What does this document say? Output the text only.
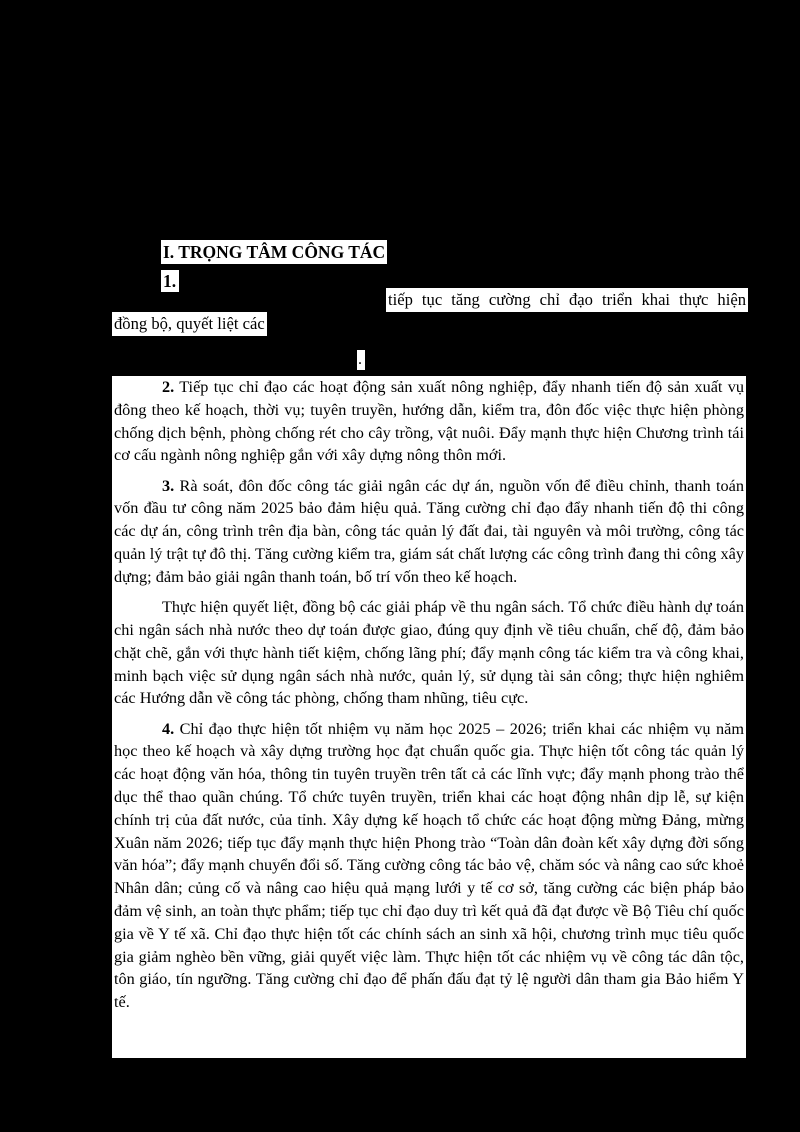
I. TRỌNG TÂM CÔNG TÁC
1.
tiếp tục tăng cường chỉ đạo triển khai thực hiện
đồng bộ, quyết liệt các
.

2. Tiếp tục chỉ đạo các hoạt động sản xuất nông nghiệp, đẩy nhanh tiến độ sản xuất vụ đông theo kế hoạch, thời vụ; tuyên truyền, hướng dẫn, kiểm tra, đôn đốc việc thực hiện phòng chống dịch bệnh, phòng chống rét cho cây trồng, vật nuôi. Đẩy mạnh thực hiện Chương trình tái cơ cấu ngành nông nghiệp gắn với xây dựng nông thôn mới.

3. Rà soát, đôn đốc công tác giải ngân các dự án, nguồn vốn để điều chỉnh, thanh toán vốn đầu tư công năm 2025 bảo đảm hiệu quả. Tăng cường chỉ đạo đẩy nhanh tiến độ thi công các dự án, công trình trên địa bàn, công tác quản lý đất đai, tài nguyên và môi trường, công tác quản lý trật tự đô thị. Tăng cường kiểm tra, giám sát chất lượng các công trình đang thi công xây dựng; đảm bảo giải ngân thanh toán, bố trí vốn theo kế hoạch.

Thực hiện quyết liệt, đồng bộ các giải pháp về thu ngân sách. Tổ chức điều hành dự toán chi ngân sách nhà nước theo dự toán được giao, đúng quy định về tiêu chuẩn, chế độ, đảm bảo chặt chẽ, gắn với thực hành tiết kiệm, chống lãng phí; đẩy mạnh công tác kiểm tra và công khai, minh bạch việc sử dụng ngân sách nhà nước, quản lý, sử dụng tài sản công; thực hiện nghiêm các Hướng dẫn về công tác phòng, chống tham nhũng, tiêu cực.

4. Chỉ đạo thực hiện tốt nhiệm vụ năm học 2025 – 2026; triển khai các nhiệm vụ năm học theo kế hoạch và xây dựng trường học đạt chuẩn quốc gia. Thực hiện tốt công tác quản lý các hoạt động văn hóa, thông tin tuyên truyền trên tất cả các lĩnh vực; đẩy mạnh phong trào thể dục thể thao quần chúng. Tổ chức tuyên truyền, triển khai các hoạt động nhân dịp lễ, sự kiện chính trị của đất nước, của tỉnh. Xây dựng kế hoạch tổ chức các hoạt động mừng Đảng, mừng Xuân năm 2026; tiếp tục đẩy mạnh thực hiện Phong trào “Toàn dân đoàn kết xây dựng đời sống văn hóa”; đẩy mạnh chuyển đổi số. Tăng cường công tác bảo vệ, chăm sóc và nâng cao sức khoẻ Nhân dân; củng cố và nâng cao hiệu quả mạng lưới y tế cơ sở, tăng cường các biện pháp bảo đảm vệ sinh, an toàn thực phẩm; tiếp tục chỉ đạo duy trì kết quả đã đạt được về Bộ Tiêu chí quốc gia về Y tế xã. Chỉ đạo thực hiện tốt các chính sách an sinh xã hội, chương trình mục tiêu quốc gia giảm nghèo bền vững, giải quyết việc làm. Thực hiện tốt các nhiệm vụ về công tác dân tộc, tôn giáo, tín ngưỡng. Tăng cường chỉ đạo để phấn đấu đạt tỷ lệ người dân tham gia Bảo hiểm Y tế.
